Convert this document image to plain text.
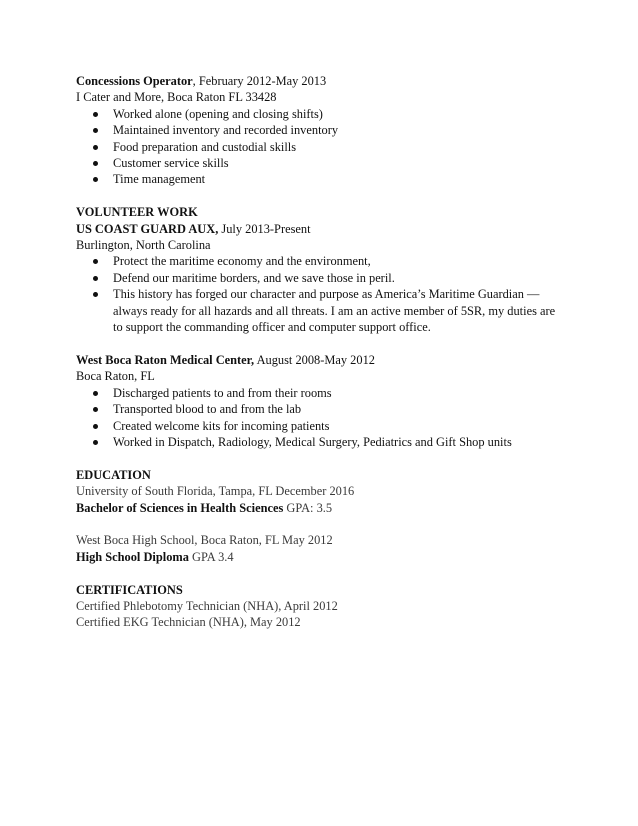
Concessions Operator, February 2012-May 2013
I Cater and More, Boca Raton FL 33428
Worked alone (opening and closing shifts)
Maintained inventory and recorded inventory
Food preparation and custodial skills
Customer service skills
Time management
VOLUNTEER WORK
US COAST GUARD AUX, July 2013-Present
Burlington, North Carolina
Protect the maritime economy and the environment,
Defend our maritime borders, and we save those in peril.
This history has forged our character and purpose as America’s Maritime Guardian — always ready for all hazards and all threats. I am an active member of 5SR, my duties are to support the commanding officer and computer support office.
West Boca Raton Medical Center, August 2008-May 2012
Boca Raton, FL
Discharged patients to and from their rooms
Transported blood to and from the lab
Created welcome kits for incoming patients
Worked in Dispatch, Radiology, Medical Surgery, Pediatrics and Gift Shop units
EDUCATION
University of South Florida, Tampa, FL December 2016
Bachelor of Sciences in Health Sciences GPA: 3.5
West Boca High School, Boca Raton, FL May 2012
High School Diploma GPA 3.4
CERTIFICATIONS
Certified Phlebotomy Technician (NHA), April 2012
Certified EKG Technician (NHA), May 2012
